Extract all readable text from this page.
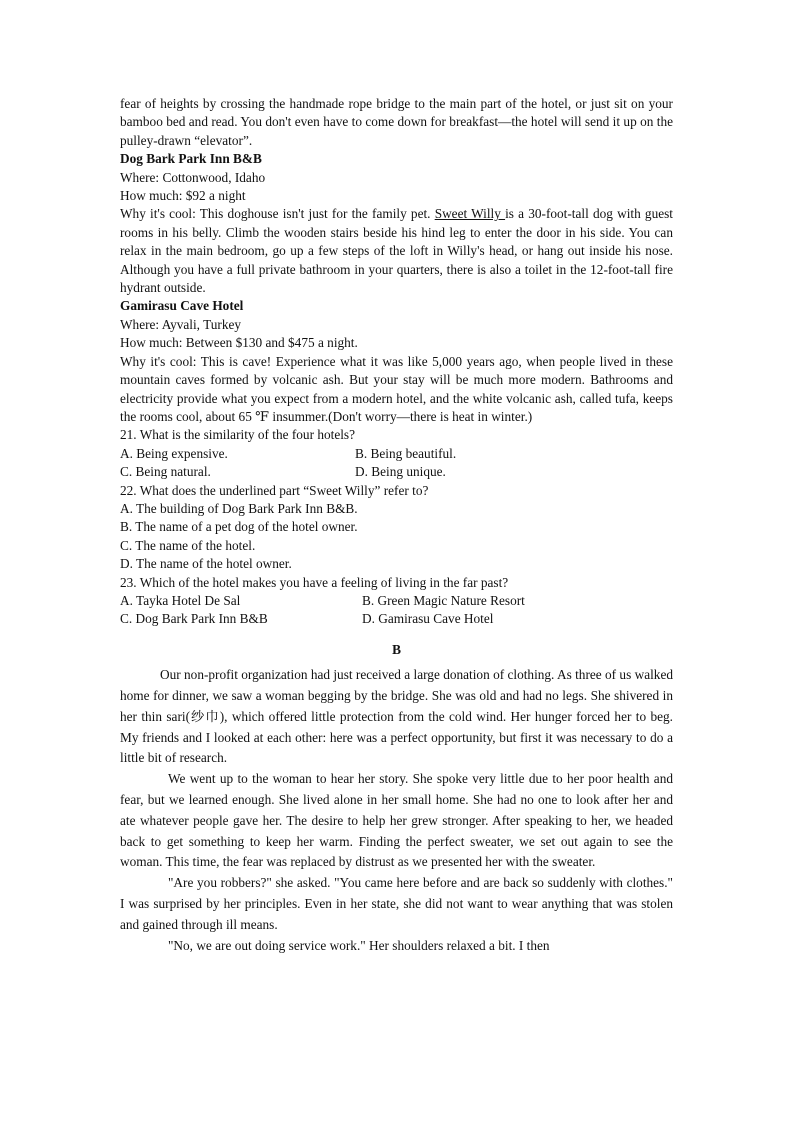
fear of heights by crossing the handmade rope bridge to the main part of the hotel, or just sit on your bamboo bed and read. You don't even have to come down for breakfast—the hotel will send it up on the pulley-drawn “elevator”.

Dog Bark Park Inn B&B

Where: Cottonwood, Idaho

How much: $92 a night

Why it's cool: This doghouse isn't just for the family pet. Sweet Willy is a 30-foot-tall dog with guest rooms in his belly. Climb the wooden stairs beside his hind leg to enter the door in his side. You can relax in the main bedroom, go up a few steps of the loft in Willy's head, or hang out inside his nose. Although you have a full private bathroom in your quarters, there is also a toilet in the 12-foot-tall fire hydrant outside.

Gamirasu Cave Hotel

Where: Ayvali, Turkey

How much: Between $130 and $475 a night.

Why it's cool: This is cave! Experience what it was like 5,000 years ago, when people lived in these mountain caves formed by volcanic ash. But your stay will be much more modern. Bathrooms and electricity provide what you expect from a modern hotel, and the white volcanic ash, called tufa, keeps the rooms cool, about 65 ℉ insummer.(Don't worry—there is heat in winter.)

21. What is the similarity of the four hotels?

A. Being expensive.	B. Being beautiful.
C. Being natural.	D. Being unique.

22. What does the underlined part “Sweet Willy” refer to?

A. The building of Dog Bark Park Inn B&B.

B. The name of a pet dog of the hotel owner.

C. The name of the hotel.

D. The name of the hotel owner.

23. Which of the hotel makes you have a feeling of living in the far past?

A. Tayka Hotel De Sal	B. Green Magic Nature Resort
C. Dog Bark Park Inn B&B	D. Gamirasu Cave Hotel

B

Our non-profit organization had just received a large donation of clothing. As three of us walked home for dinner, we saw a woman begging by the bridge. She was old and had no legs. She shivered in her thin sari(纱巾), which offered little protection from the cold wind. Her hunger forced her to beg. My friends and I looked at each other: here was a perfect opportunity, but first it was necessary to do a little bit of research.

We went up to the woman to hear her story. She spoke very little due to her poor health and fear, but we learned enough. She lived alone in her small home. She had no one to look after her and ate whatever people gave her. The desire to help her grew stronger. After speaking to her, we headed back to get something to keep her warm. Finding the perfect sweater, we set out again to see the woman. This time, the fear was replaced by distrust as we presented her with the sweater.

"Are you robbers?" she asked. "You came here before and are back so suddenly with clothes." I was surprised by her principles. Even in her state, she did not want to wear anything that was stolen and gained through ill means.

"No, we are out doing service work." Her shoulders relaxed a bit. I then
